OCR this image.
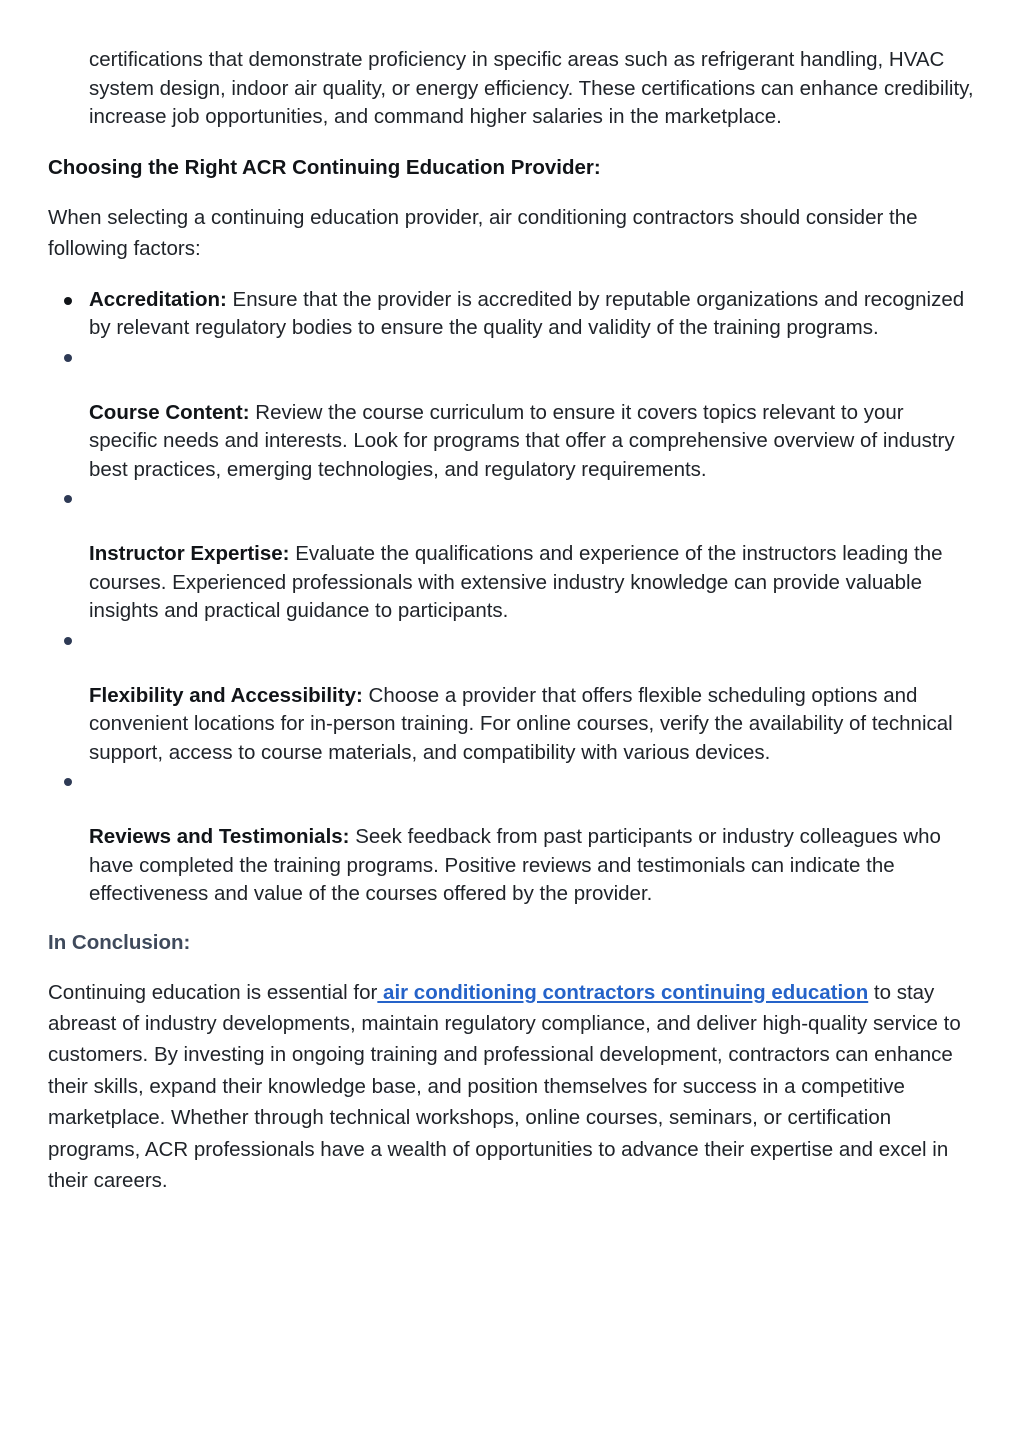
certifications that demonstrate proficiency in specific areas such as refrigerant handling, HVAC system design, indoor air quality, or energy efficiency. These certifications can enhance credibility, increase job opportunities, and command higher salaries in the marketplace.

Choosing the Right ACR Continuing Education Provider:

When selecting a continuing education provider, air conditioning contractors should consider the following factors:

Accreditation: Ensure that the provider is accredited by reputable organizations and recognized by relevant regulatory bodies to ensure the quality and validity of the training programs.
Course Content: Review the course curriculum to ensure it covers topics relevant to your specific needs and interests. Look for programs that offer a comprehensive overview of industry best practices, emerging technologies, and regulatory requirements.
Instructor Expertise: Evaluate the qualifications and experience of the instructors leading the courses. Experienced professionals with extensive industry knowledge can provide valuable insights and practical guidance to participants.
Flexibility and Accessibility: Choose a provider that offers flexible scheduling options and convenient locations for in-person training. For online courses, verify the availability of technical support, access to course materials, and compatibility with various devices.
Reviews and Testimonials: Seek feedback from past participants or industry colleagues who have completed the training programs. Positive reviews and testimonials can indicate the effectiveness and value of the courses offered by the provider.
In Conclusion:

Continuing education is essential for air conditioning contractors continuing education to stay abreast of industry developments, maintain regulatory compliance, and deliver high-quality service to customers. By investing in ongoing training and professional development, contractors can enhance their skills, expand their knowledge base, and position themselves for success in a competitive marketplace. Whether through technical workshops, online courses, seminars, or certification programs, ACR professionals have a wealth of opportunities to advance their expertise and excel in their careers.
